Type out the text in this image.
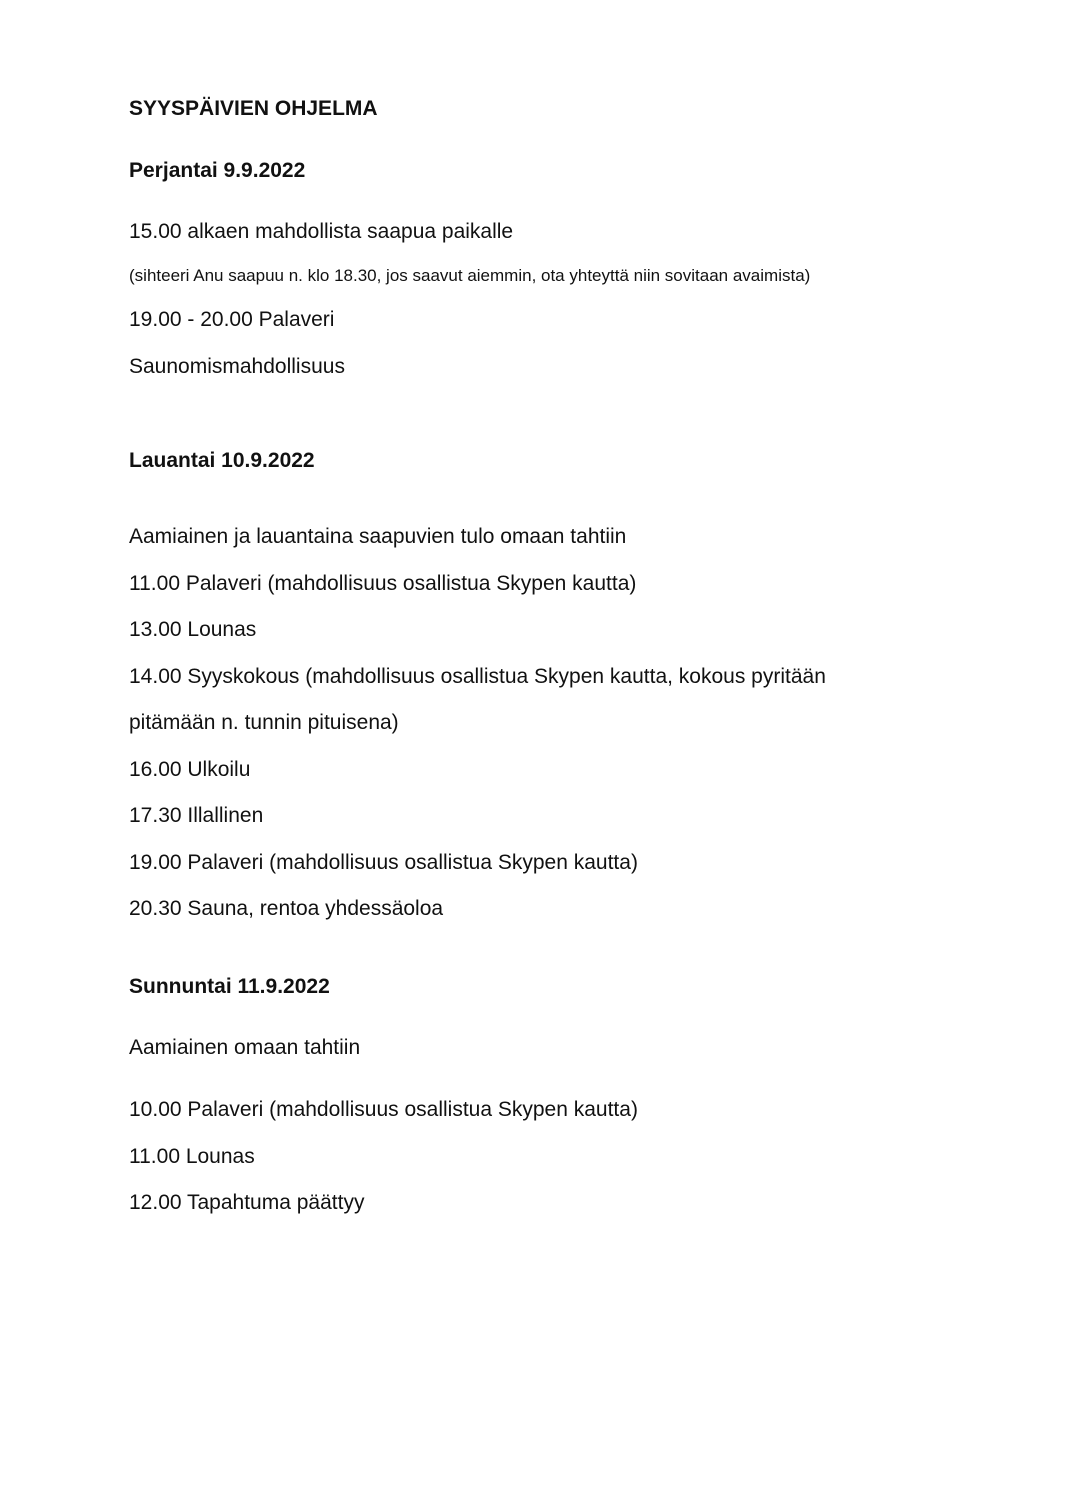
SYYSPÄIVIEN OHJELMA
Perjantai 9.9.2022
15.00 alkaen mahdollista saapua paikalle
(sihteeri Anu saapuu n. klo 18.30, jos saavut aiemmin, ota yhteyttä niin sovitaan avaimista)
19.00 - 20.00 Palaveri
Saunomismahdollisuus
Lauantai 10.9.2022
Aamiainen ja lauantaina saapuvien tulo omaan tahtiin
11.00 Palaveri (mahdollisuus osallistua Skypen kautta)
13.00 Lounas
14.00 Syyskokous (mahdollisuus osallistua Skypen kautta, kokous pyritään
pitämään n. tunnin pituisena)
16.00 Ulkoilu
17.30 Illallinen
19.00 Palaveri (mahdollisuus osallistua Skypen kautta)
20.30 Sauna, rentoa yhdessäoloa
Sunnuntai 11.9.2022
Aamiainen omaan tahtiin
10.00 Palaveri (mahdollisuus osallistua Skypen kautta)
11.00 Lounas
12.00 Tapahtuma päättyy
